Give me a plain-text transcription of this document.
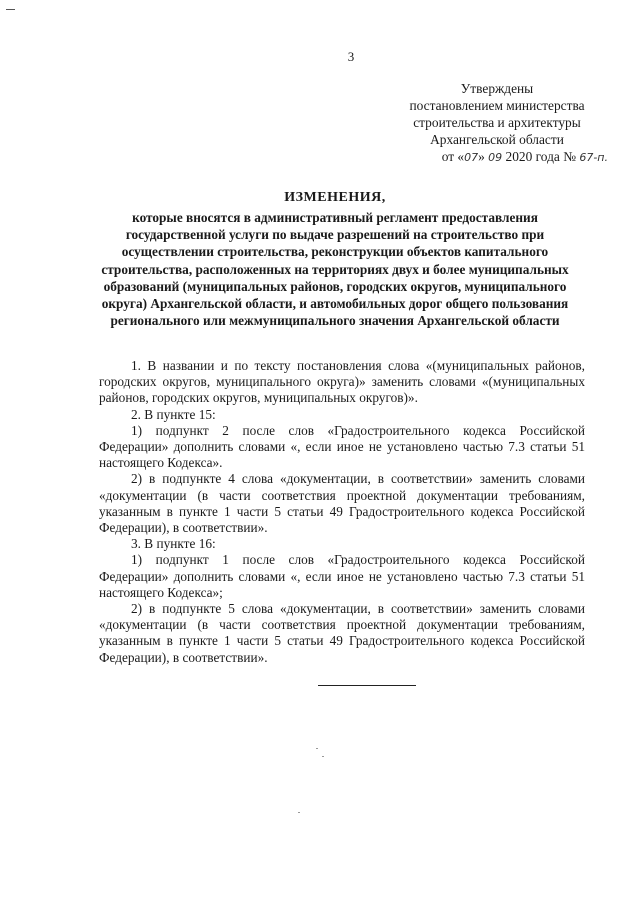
3
Утверждены
постановлением министерства
строительства и архитектуры
Архангельской области
от «07» 09 2020 года № 67-п.
ИЗМЕНЕНИЯ,
которые вносятся в административный регламент предоставления государственной услуги по выдаче разрешений на строительство при осуществлении строительства, реконструкции объектов капитального строительства, расположенных на территориях двух и более муниципальных образований (муниципальных районов, городских округов, муниципального округа) Архангельской области, и автомобильных дорог общего пользования регионального или межмуниципального значения Архангельской области

1. В названии и по тексту постановления слова «(муниципальных районов, городских округов, муниципального округа)» заменить словами «(муниципальных районов, городских округов, муниципальных округов)».

2. В пункте 15:

1) подпункт 2 после слов «Градостроительного кодекса Российской Федерации» дополнить словами «, если иное не установлено частью 7.3 статьи 51 настоящего Кодекса».

2) в подпункте 4 слова «документации, в соответствии» заменить словами «документации (в части соответствия проектной документации требованиям, указанным в пункте 1 части 5 статьи 49 Градостроительного кодекса Российской Федерации), в соответствии».

3. В пункте 16:

1) подпункт 1 после слов «Градостроительного кодекса Российской Федерации» дополнить словами «, если иное не установлено частью 7.3 статьи 51 настоящего Кодекса»;

2) в подпункте 5 слова «документации, в соответствии» заменить словами «документации (в части соответствия проектной документации требованиям, указанным в пункте 1 части 5 статьи 49 Градостроительного кодекса Российской Федерации), в соответствии».
